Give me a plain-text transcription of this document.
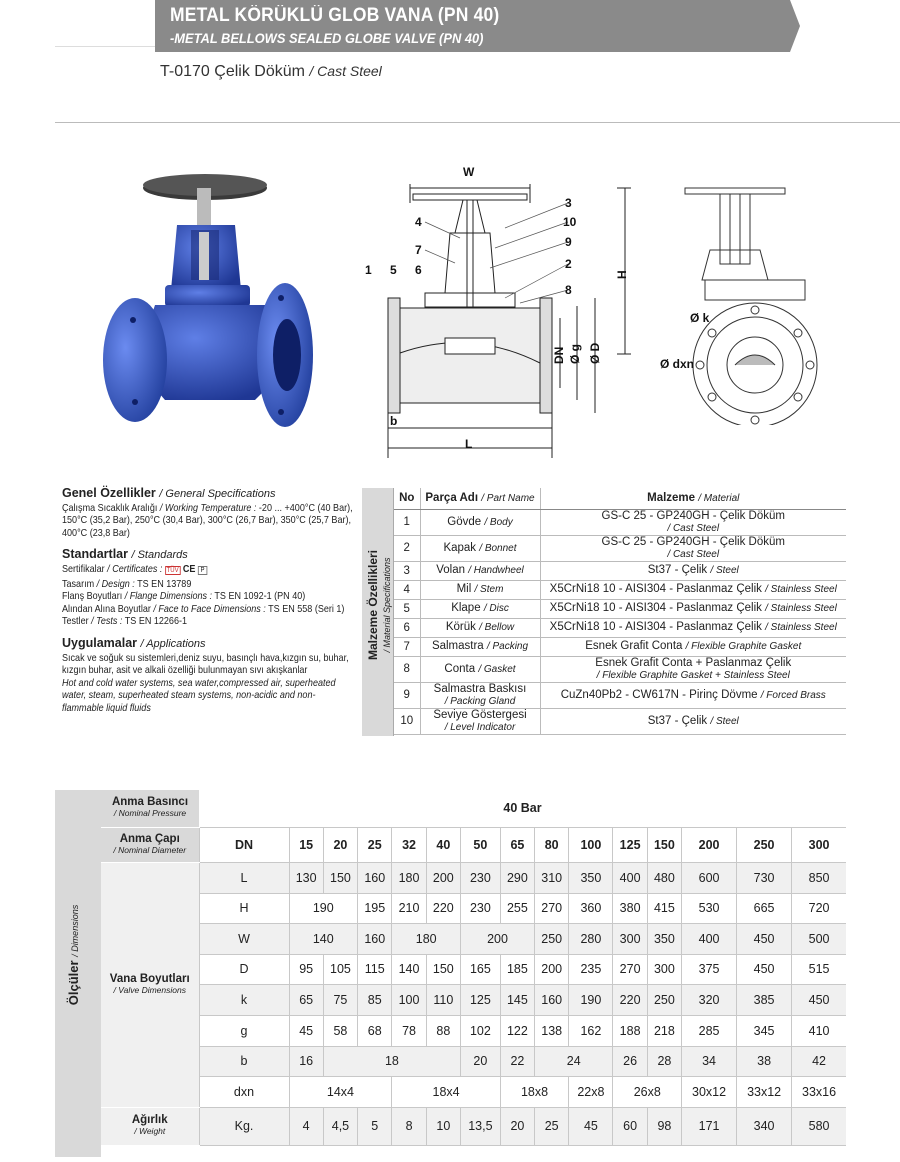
METAL KÖRÜKLÜ GLOB VANA (PN 40)
-METAL BELLOWS SEALED GLOBE VALVE (PN 40)
T-0170 Çelik Döküm / Cast Steel
W
H
L
b
DN Ø g Ø D
3
10
9
2
8
4
7
1 5 6
Ø k
Ø dxn
Genel Özellikler / General Specifications
Çalışma Sıcaklık Aralığı / Working Temperature : -20 ... +400°C (40 Bar), 150°C (35,2 Bar), 250°C (30,4 Bar), 300°C (26,7 Bar), 350°C (25,7 Bar), 400°C (23,8 Bar)
Standartlar / Standards
Sertifikalar / Certificates : TÜV CE P
Tasarım / Design : TS EN 13789
Flanş Boyutları / Flange Dimensions : TS EN 1092-1 (PN 40)
Alından Alına Boyutlar / Face to Face Dimensions : TS EN 558 (Seri 1)
Testler / Tests : TS EN 12266-1
Uygulamalar / Applications
Sıcak ve soğuk su sistemleri,deniz suyu, basınçlı hava,kızgın su, buhar, kızgın buhar, asit ve alkali özelliği bulunmayan sıvı akışkanlar
Hot and cold water systems, sea water,compressed air, superheated water, steam, superheated steam systems, non-acidic and non-flammable liquid fluids
Malzeme Özellikleri / Material Specifications
No	Parça Adı / Part Name	Malzeme / Material
1	Gövde / Body	GS-C 25 - GP240GH - Çelik Döküm
/ Cast Steel
2	Kapak / Bonnet	GS-C 25 - GP240GH - Çelik Döküm
/ Cast Steel
3	Volan / Handwheel	St37 - Çelik / Steel
4	Mil / Stem	X5CrNi18 10 - AISI304 - Paslanmaz Çelik / Stainless Steel
5	Klape / Disc	X5CrNi18 10 - AISI304 - Paslanmaz Çelik / Stainless Steel
6	Körük / Bellow	X5CrNi18 10 - AISI304 - Paslanmaz Çelik / Stainless Steel
7	Salmastra / Packing	Esnek Grafit Conta / Flexible Graphite Gasket
8	Conta / Gasket	Esnek Grafit Conta + Paslanmaz Çelik
/ Flexible Graphite Gasket + Stainless Steel
9	Salmastra Baskısı
/ Packing Gland	CuZn40Pb2 - CW617N - Pirinç Dövme / Forced Brass
10	Seviye Göstergesi
/ Level Indicator	St37 - Çelik / Steel
Ölçüler / Dimensions
Anma Basıncı
/ Nominal Pressure	40 Bar														
Anma Çapı
/ Nominal Diameter	DN	15	20	25	32	40	50	65	80	100	125	150	200	250	300
Vana Boyutları
/ Valve Dimensions	L	130	150	160	180	200	230	290	310	350	400	480	600	730	850
	H	190		195	210	220	230	255	270	360	380	415	530	665	720
	W	140		160	180		200		250	280	300	350	400	450	500
	D	95	105	115	140	150	165	185	200	235	270	300	375	450	515
	k	65	75	85	100	110	125	145	160	190	220	250	320	385	450
	g	45	58	68	78	88	102	122	138	162	188	218	285	345	410
	b	16	18				20	22	24		26	28	34	38	42
	dxn	14x4			18x4			18x8		22x8	26x8		30x12	33x12	33x16
Ağırlık
/ Weight	Kg.	4	4,5	5	8	10	13,5	20	25	45	60	98	171	340	580
